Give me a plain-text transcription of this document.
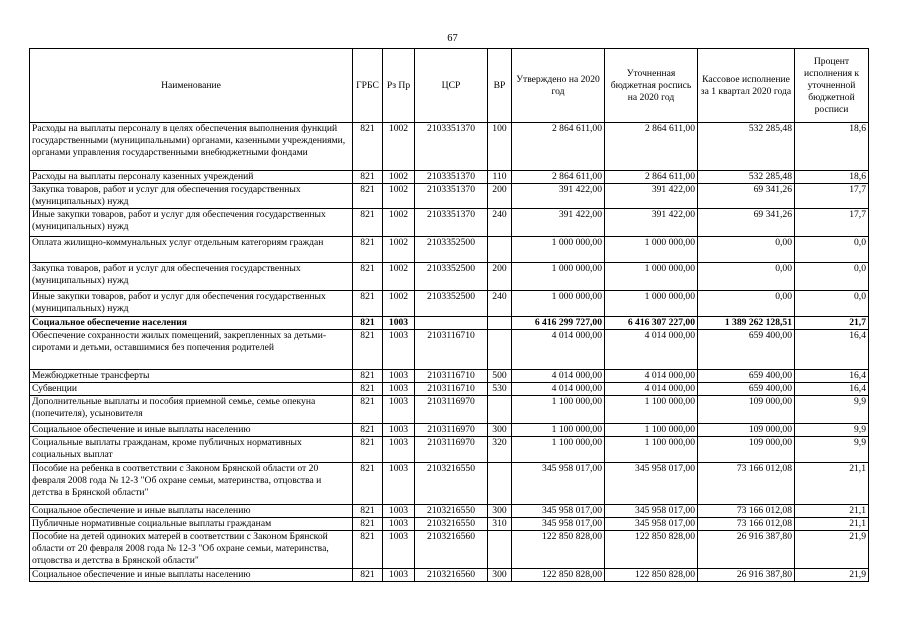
67
Наименование	ГРБС	Рз Пр	ЦСР	ВР	Утверждено на 2020 год	Уточненная бюджетная роспись на 2020 год	Кассовое исполнение за 1 квартал 2020 года	Процент исполнения к уточненной бюджетной росписи
Расходы на выплаты персоналу в целях обеспечения выполнения функций государственными (муниципальными) органами, казенными учреждениями, органами управления государственными внебюджетными фондами	821	1002	2103351370	100	2 864 611,00	2 864 611,00	532 285,48	18,6
Расходы на выплаты персоналу казенных учреждений	821	1002	2103351370	110	2 864 611,00	2 864 611,00	532 285,48	18,6
Закупка товаров, работ и услуг для обеспечения государственных (муниципальных) нужд	821	1002	2103351370	200	391 422,00	391 422,00	69 341,26	17,7
Иные закупки товаров, работ и услуг для обеспечения государственных (муниципальных) нужд	821	1002	2103351370	240	391 422,00	391 422,00	69 341,26	17,7
Оплата жилищно-коммунальных услуг отдельным категориям граждан	821	1002	2103352500		1 000 000,00	1 000 000,00	0,00	0,0
Закупка товаров, работ и услуг для обеспечения государственных (муниципальных) нужд	821	1002	2103352500	200	1 000 000,00	1 000 000,00	0,00	0,0
Иные закупки товаров, работ и услуг для обеспечения государственных (муниципальных) нужд	821	1002	2103352500	240	1 000 000,00	1 000 000,00	0,00	0,0
Социальное обеспечение населения	821	1003			6 416 299 727,00	6 416 307 227,00	1 389 262 128,51	21,7
Обеспечение сохранности жилых помещений, закрепленных за детьми-сиротами и детьми, оставшимися без попечения родителей	821	1003	2103116710		4 014 000,00	4 014 000,00	659 400,00	16,4
Межбюджетные трансферты	821	1003	2103116710	500	4 014 000,00	4 014 000,00	659 400,00	16,4
Субвенции	821	1003	2103116710	530	4 014 000,00	4 014 000,00	659 400,00	16,4
Дополнительные выплаты и пособия приемной семье, семье опекуна (попечителя), усыновителя	821	1003	2103116970		1 100 000,00	1 100 000,00	109 000,00	9,9
Социальное обеспечение и иные выплаты населению	821	1003	2103116970	300	1 100 000,00	1 100 000,00	109 000,00	9,9
Социальные выплаты гражданам, кроме публичных нормативных социальных выплат	821	1003	2103116970	320	1 100 000,00	1 100 000,00	109 000,00	9,9
Пособие на ребенка в соответствии с Законом Брянской области от 20 февраля 2008 года № 12-З "Об охране семьи, материнства, отцовства и детства в Брянской области"	821	1003	2103216550		345 958 017,00	345 958 017,00	73 166 012,08	21,1
Социальное обеспечение и иные выплаты населению	821	1003	2103216550	300	345 958 017,00	345 958 017,00	73 166 012,08	21,1
Публичные нормативные социальные выплаты гражданам	821	1003	2103216550	310	345 958 017,00	345 958 017,00	73 166 012,08	21,1
Пособие на детей одиноких матерей в соответствии с Законом Брянской области от 20 февраля 2008 года № 12-З "Об охране семьи, материнства, отцовства и детства в Брянской области"	821	1003	2103216560		122 850 828,00	122 850 828,00	26 916 387,80	21,9
Социальное обеспечение и иные выплаты населению	821	1003	2103216560	300	122 850 828,00	122 850 828,00	26 916 387,80	21,9
